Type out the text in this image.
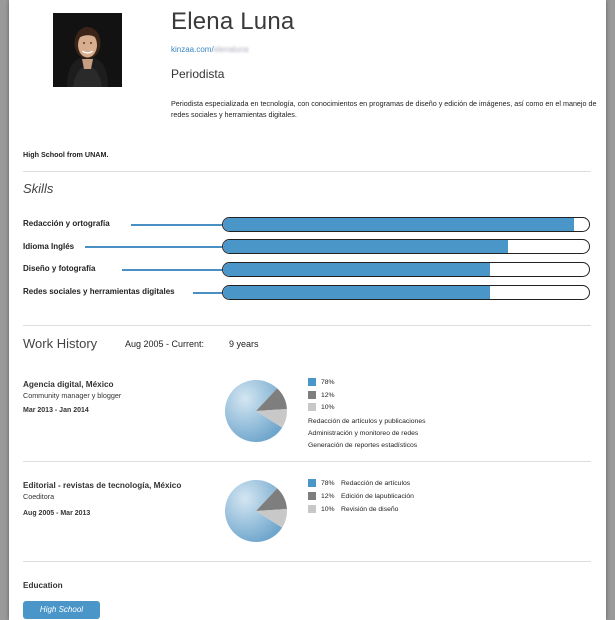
Elena Luna
kinzaa.com/elenaluna
Periodista
Periodista especializada en tecnología, con conocimientos en programas de diseño y edición de imágenes, así como en el manejo de redes sociales y herramientas digitales.
High School from UNAM.
Skills
Redacción y ortografía
Idioma Inglés
Diseño y fotografía
Redes sociales y herramientas digitales
Work History	Aug 2005 - Current:	9 years
Agencia digital, México
Community manager y blogger
Mar 2013 - Jan 2014
78%
12%
10%
Redacción de artículos y publicaciones
Administración y monitoreo de redes
Generación de reportes estadísticos
Editorial - revistas de tecnología, México
Coeditora
Aug 2005 - Mar 2013
78% Redacción de artículos
12% Edición de lapublicación
10% Revisión de diseño
Education
High School
